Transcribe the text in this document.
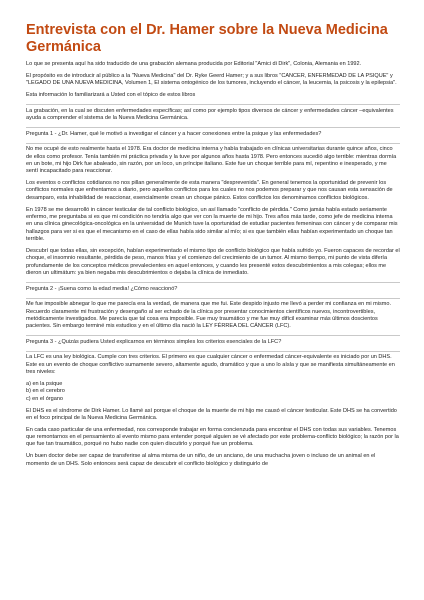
Entrevista con el Dr. Hamer sobre la Nueva Medicina Germánica

Lo que se presenta aquí ha sido traducido de una grabación alemana producida por Editorial "Amici di Dirk", Colonia, Alemania en 1992.

El propósito es de introducir al público a la "Nueva Medicina" del Dr. Ryke Geerd Hamer; y a sus libros "CANCER, ENFERMEDAD DE LA PSIQUE" y "LEGADO DE UNA NUEVA MEDICINA, Volumen 1, El sistema ontogénico de los tumores, incluyendo el cáncer, la leucemia, la psicosis y la epilepsia".

Esta información lo familiarizará a Usted con el tópico de estos libros

La grabación, en la cual se discuten enfermedades específicas; así como por ejemplo tipos diversos de cáncer y enfermedades cáncer –equivalentes ayuda a comprender el sistema de la Nueva Medicina Germánica.

Pregunta 1 - ¿Dr. Hamer, qué le motivó a investigar el cáncer y a hacer conexiones entre la psique y las enfermedades?

No me ocupé de esto realmente hasta el 1978. Era doctor de medicina interna y había trabajado en clínicas universitarias durante quince años, cinco de ellos como profesor. Tenía también mi práctica privada y la tuve por algunos años hasta 1978. Pero entonces sucedió algo terrible: mientras dormía en un bote, mi hijo Dirk fue abaleado, sin razón, por un loco, un príncipe italiano. Este fue un choque terrible para mí, repentino e inesperado, y me sentí incapacitado para reaccionar.

Los eventos o conflictos cotidianos no nos pillan generalmente de esta manera "desprevenida". En general tenemos la oportunidad de prevenir los conflictos normales que enfrentamos a diario, pero aquellos conflictos para los cuales no nos podemos preparar y que nos causan esta sensación de desamparo, esta inhabilidad de reaccionar, esencialmente crean un choque pánico. Estos conflictos los denominamos conflictos biológicos.

En 1978 se me desarrolló in cáncer testicular de tal conflicto biológico, un así llamado "conflicto de pérdida." Como jamás había estado seriamente enfermo, me preguntaba si es que mi condición no tendría algo que ver con la muerte de mi hijo. Tres años más tarde, como jefe de medicina interna en una clínica ginecológica-oncológica en la universidad de Munich tuve la oportunidad de estudiar pacientes femeninas con cáncer y de comparar mis hallazgos para ver si es que el mecanismo en el caso de ellas había sido similar al mío; si es que también ellas habían experimentado un choque tan terrible.

Descubrí que todas ellas, sin excepción, habían experimentado el mismo tipo de conflicto biológico que había sufrido yo. Fueron capaces de recordar el choque, el insomnio resultante, pérdida de peso, manos frías y el comienzo del crecimiento de un tumor. Al mismo tiempo, mi punto de vista difería profundamente de los conceptos médicos prevalecientes en aquel entonces, y cuando les presenté estos descubrimientos a mis colegas; ellos me dieron un ultimátum: ya bien negaba mis descubrimientos o dejaba la clínica de inmediato.

Pregunta 2 - ¡Suena como la edad media! ¿Cómo reaccionó?

Me fue imposible abnegar lo que me parecía era la verdad, de manera que me fui. Este despido injusto me llevó a perder mi confianza en mi mismo. Recuerdo claramente mi frustración y desengaño al ser echado de la clínica por presentar conocimientos científicos nuevos, incontrovertibles, metódicamente investigados. Me parecía que tal cosa era imposible. Fue muy traumático y me fue muy difícil examinar más últimos doscientos pacientes. Sin embargo terminé mis estudios y en el último día nació la LEY FÉRREA DEL CÁNCER (LFC).

Pregunta 3 - ¿Quizás pudiera Usted explicarnos en términos simples los criterios esenciales de la LFC?

La LFC es una ley biológica. Cumple con tres criterios. El primero es que cualquier cáncer o enfermedad cáncer-equivalente es iniciado por un DHS. Este es un evento de choque conflictivo sumamente severo, altamente agudo, dramático y que a uno lo aísla y que se manifiesta simultáneamente en tres niveles:

a) en la psique
b) en el cerebro
c) en el órgano

El DHS es el síndrome de Dirk Hamer. Lo llamé así porque el choque de la muerte de mi hijo me causó el cáncer testicular. Este DHS se ha convertido en el foco principal de la Nueva Medicina Germánica.

En cada caso particular de una enfermedad, nos corresponde trabajar en forma concienzuda para encontrar el DHS con todas sus variables. Tenemos que remontarnos en el pensamiento al evento mismo para entender porqué alguien se vé afectado por este problema-conflicto biológico; la razón por la que fue tan traumático, porqué no hubo nadie con quien discutirlo y porqué fue un problema.

Un buen doctor debe ser capaz de transferirse al alma misma de un niño, de un anciano, de una muchacha joven o incluso de un animal en el momento de un DHS. Solo entonces será capaz de descubrir el conflicto biológico y distinguirlo de
